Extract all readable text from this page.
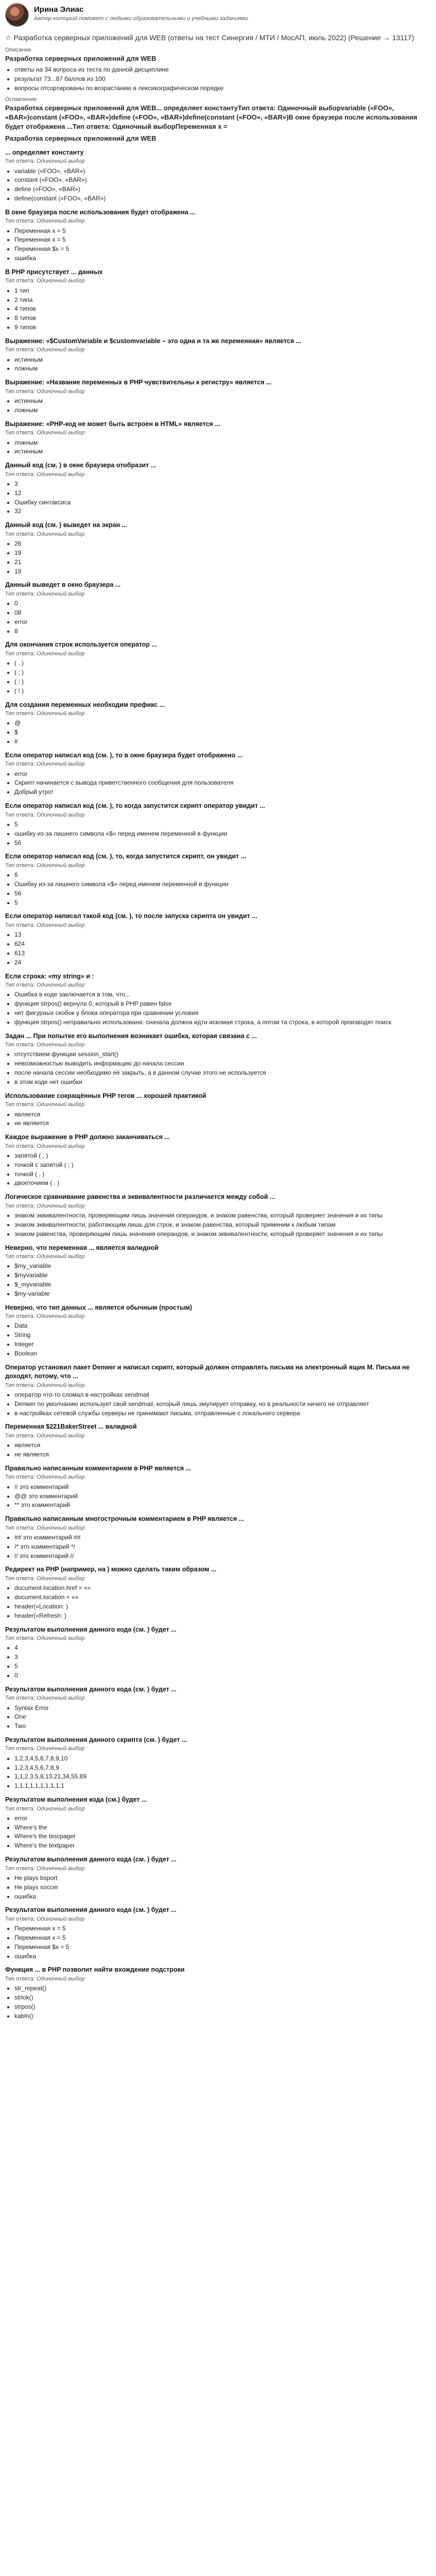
Ирина Элиас
Автор который поможет с любыми образовательными и учебными заданиями
☆ Разработка серверных приложений для WEB (ответы на тест Синергия / МТИ / МосАП, июль 2022) (Решение → 13117)
Описание
Разработка серверных приложений для WEB
• ответы на 34 вопроса из теста по данной дисциплине
• результат 73...87 баллов из 100
• вопросы отсортированы по возрастанию в лексикографическом порядке
Оглавление
Разработка серверных приложений для WEB... определяет константуТип ответа: Одиночный выборvariable («FOO», «BAR»)constant («FOO», «BAR»)define («FOO», «BAR»)define(constant («FOO», «BAR»)В окне браузера после использования будет отображена ...Тип ответа: Одиночный выборПеременная x =
Разработка серверных приложений для WEB
... определяет константу
Тип ответа: Одиночный выбор
• variable («FOO», «BAR»)
• constant («FOO», «BAR»)
• define («FOO», «BAR»)
• define(constant («FOO», «BAR»)
В окне браузера после использования будет отображена ...
Тип ответа: Одиночный выбор
• Переменная x = 5
• Переменная x = 5
• Переменная $x = 5
• ошибка
В PHP присутствует ... данных
Тип ответа: Одиночный выбор
• 1 тип
• 2 типа
• 4 типов
• 8 типов
• 9 типов
Выражение: «$CustomVariable и $customvariable – это одна и та же переменная» является ...
Тип ответа: Одиночный выбор
• истинным
• ложным
Выражение: «Название переменных в PHP чувствительны к регистру» является ...
Тип ответа: Одиночный выбор
• истинным
• ложным
Выражение: «PHP-код не может быть встроен в HTML» является ...
Тип ответа: Одиночный выбор
• ложным
• истинным
Данный код (см. ) в окне браузера отобразит ...
Тип ответа: Одиночный выбор
• 3
• 12
• Ошибку синтаксиса
• 32
Данный код (см. ) выведет на экран ...
Тип ответа: Одиночный выбор
• 26
• 19
• 21
• 18
Данный выведет в окно браузера ...
Тип ответа: Одиночный выбор
• 0
• 08
• error
• 8
Для окончания строк используется оператор ...
Тип ответа: Одиночный выбор
• ( . )
• ( ; )
• ( : )
• ( ! )
Для создания переменных необходим префикс ...
Тип ответа: Одиночный выбор
• @
• $
• #
Если оператор написал код (см. ), то в окне браузера будет отображено ...
Тип ответа: Одиночный выбор
• error
• Скрипт начинается с вывода приветственного сообщения для пользователя
• Добрый утро!
Если оператор написал код (см. ), то когда запустится скрипт оператор увидит ...
Тип ответа: Одиночный выбор
• 5
• ошибку из-за лишнего символа «$» перед именем переменной в функции
• 56
Если оператор написал код (см. ), то, когда запустится скрипт, он увидит ...
Тип ответа: Одиночный выбор
• 6
• Ошибку из-за лишнего символа «$» перед именем переменной в функции
• 56
• 5
Если оператор написал такой код (см. ), то после запуска скрипта он увидит ...
Тип ответа: Одиночный выбор
• 13
• 624
• 613
• 24
Если строка: «my string» и :
Тип ответа: Одиночный выбор
• Ошибка в коде заключается в том, что...
• функция strpos() вернула 0, который в PHP равен false
• нет фигурных скобок у блока оператора при сравнении условия
• функция strpos() неправильно использована: сначала должна идти искомая строка, а потом та строка, в которой производят поиск
Задан ... При попытке его выполнения возникает ошибка, которая связана с ...
Тип ответа: Одиночный выбор
• отсутствием функции session_start()
• невозможностью выводить информацию до начала сессии
• после начала сессии необходимо её закрыть, а в данном случае этого не используется
• в этом коде нет ошибки
Использование сокращённых PHP тегов ... хорошей практикой
Тип ответа: Одиночный выбор
• является
• не является
Каждое выражение в PHP должно заканчиваться ...
Тип ответа: Одиночный выбор
• запятой ( , )
• точкой с запятой ( ; )
• точкой ( . )
• двоеточием ( : )
Логическое сравнивание равенства и эквивалентности различается между собой ...
Тип ответа: Одиночный выбор
• знаком эквивалентности, проверяющим лишь значения операндов, и знаком равенства, который проверяет значения и их типы
• знаком эквивалентности, работающим лишь для строк, и знаком равенства, который применим к любым типам
• знаком равенства, проверяющим лишь значения операндов, и знаком эквивалентности, который проверяет значения и их типы
Неверно, что переменная ... является валидной
Тип ответа: Одиночный выбор
• $my_variable
• $myvariable
• $_myvariable
• $my-variable
Неверно, что тип данных ... является обычным (простым)
Тип ответа: Одиночный выбор
• Data
• String
• Integer
• Boolean
Оператор установил пакет Denwer и написал скрипт, который должен отправлять письма на электронный ящик М. Письма не доходят, потому, что ...
Тип ответа: Одиночный выбор
• оператор что-то сломал в настройках sendmail
• Denwer по умолчанию использует свой sendmail, который лишь эмулирует отправку, но в реальности ничего не отправляет
• в настройках сетевой службы серверы не принимают письма, отправленные с локального сервера
Переменная $221BakerStreet ... валидной
Тип ответа: Одиночный выбор
• является
• не является
Правильно написанным комментарием в PHP является ...
Тип ответа: Одиночный выбор
• // это комментарий
• @@ это комментарий
• ** это комментарий
Правильно написанным многострочным комментарием в PHP является ...
Тип ответа: Одиночный выбор
• ## это комментарий ##
• /* это комментарий */
• // это комментарий //
Редирект на PHP (например, на ) можно сделать таким образом ...
Тип ответа: Одиночный выбор
• document.location.href = «»
• document.location = «»
• header(«Location: )
• header(«Refresh: )
Результатом выполнения данного кода (см. ) будет ...
Тип ответа: Одиночный выбор
• 4
• 3
• 5
• 0
Результатом выполнения данного кода (см. ) будет ...
Тип ответа: Одиночный выбор
• Syntax Error
• One
• Two
Результатом выполнения данного скрипта (см. ) будет ...
Тип ответа: Одиночный выбор
• 1,2,3,4,5,6,7,8,9,10
• 1,2,3,4,5,6,7,8,9
• 1,1,2,3,5,8,13,21,34,55,89
• 1,1,1,1,1,1,1,1,1,1
Результатом выполнения кода (см.) будет ...
Тип ответа: Одиночный выбор
• error
• Where's the
• Where's the biscpager
• Where's the textpaper
Результатом выполнения данного кода (см. ) будет ...
Тип ответа: Одиночный выбор
• He plays bsport
• He plays soccer
• ошибка
Результатом выполнения данного кода (см. ) будет ...
Тип ответа: Одиночный выбор
• Переменная x = 5
• Переменная x = 5
• Переменная $x = 5
• ошибка
Функция ... в PHP позволит найти вхождение подстроки
Тип ответа: Одиночный выбор
• str_repeat()
• strlok()
• strpos()
• kabln()
